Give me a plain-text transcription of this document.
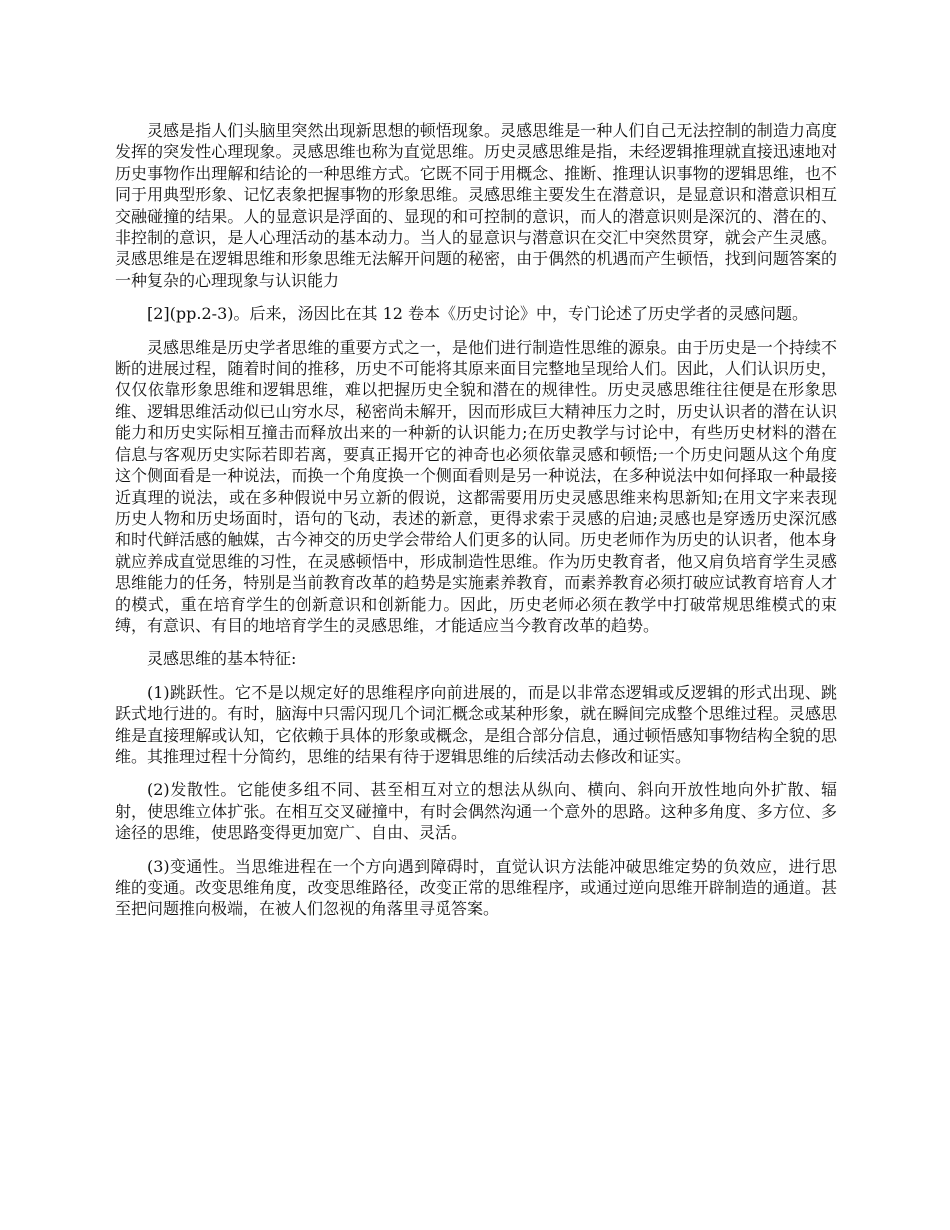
灵感是指人们头脑里突然出现新思想的顿悟现象。灵感思维是一种人们自己无法控制的制造力高度发挥的突发性心理现象。灵感思维也称为直觉思维。历史灵感思维是指，未经逻辑推理就直接迅速地对历史事物作出理解和结论的一种思维方式。它既不同于用概念、推断、推理认识事物的逻辑思维，也不同于用典型形象、记忆表象把握事物的形象思维。灵感思维主要发生在潜意识，是显意识和潜意识相互交融碰撞的结果。人的显意识是浮面的、显现的和可控制的意识，而人的潜意识则是深沉的、潜在的、非控制的意识，是人心理活动的基本动力。当人的显意识与潜意识在交汇中突然贯穿，就会产生灵感。灵感思维是在逻辑思维和形象思维无法解开问题的秘密，由于偶然的机遇而产生顿悟，找到问题答案的一种复杂的心理现象与认识能力

[2](pp.2-3)。后来，汤因比在其 12 卷本《历史讨论》中，专门论述了历史学者的灵感问题。

灵感思维是历史学者思维的重要方式之一，是他们进行制造性思维的源泉。由于历史是一个持续不断的进展过程，随着时间的推移，历史不可能将其原来面目完整地呈现给人们。因此，人们认识历史，仅仅依靠形象思维和逻辑思维，难以把握历史全貌和潜在的规律性。历史灵感思维往往便是在形象思维、逻辑思维活动似已山穷水尽，秘密尚未解开，因而形成巨大精神压力之时，历史认识者的潜在认识能力和历史实际相互撞击而释放出来的一种新的认识能力;在历史教学与讨论中，有些历史材料的潜在信息与客观历史实际若即若离，要真正揭开它的神奇也必须依靠灵感和顿悟;一个历史问题从这个角度这个侧面看是一种说法，而换一个角度换一个侧面看则是另一种说法，在多种说法中如何择取一种最接近真理的说法，或在多种假说中另立新的假说，这都需要用历史灵感思维来构思新知;在用文字来表现历史人物和历史场面时，语句的飞动，表述的新意，更得求索于灵感的启迪;灵感也是穿透历史深沉感和时代鲜活感的触媒，古今神交的历史学会带给人们更多的认同。历史老师作为历史的认识者，他本身就应养成直觉思维的习性，在灵感顿悟中，形成制造性思维。作为历史教育者，他又肩负培育学生灵感思维能力的任务，特别是当前教育改革的趋势是实施素养教育，而素养教育必须打破应试教育培育人才的模式，重在培育学生的创新意识和创新能力。因此，历史老师必须在教学中打破常规思维模式的束缚，有意识、有目的地培育学生的灵感思维，才能适应当今教育改革的趋势。

灵感思维的基本特征:

(1)跳跃性。它不是以规定好的思维程序向前进展的，而是以非常态逻辑或反逻辑的形式出现、跳跃式地行进的。有时，脑海中只需闪现几个词汇概念或某种形象，就在瞬间完成整个思维过程。灵感思维是直接理解或认知，它依赖于具体的形象或概念，是组合部分信息，通过顿悟感知事物结构全貌的思维。其推理过程十分简约，思维的结果有待于逻辑思维的后续活动去修改和证实。

(2)发散性。它能使多组不同、甚至相互对立的想法从纵向、横向、斜向开放性地向外扩散、辐射，使思维立体扩张。在相互交叉碰撞中，有时会偶然沟通一个意外的思路。这种多角度、多方位、多途径的思维，使思路变得更加宽广、自由、灵活。

(3)变通性。当思维进程在一个方向遇到障碍时，直觉认识方法能冲破思维定势的负效应，进行思维的变通。改变思维角度，改变思维路径，改变正常的思维程序，或通过逆向思维开辟制造的通道。甚至把问题推向极端，在被人们忽视的角落里寻觅答案。
